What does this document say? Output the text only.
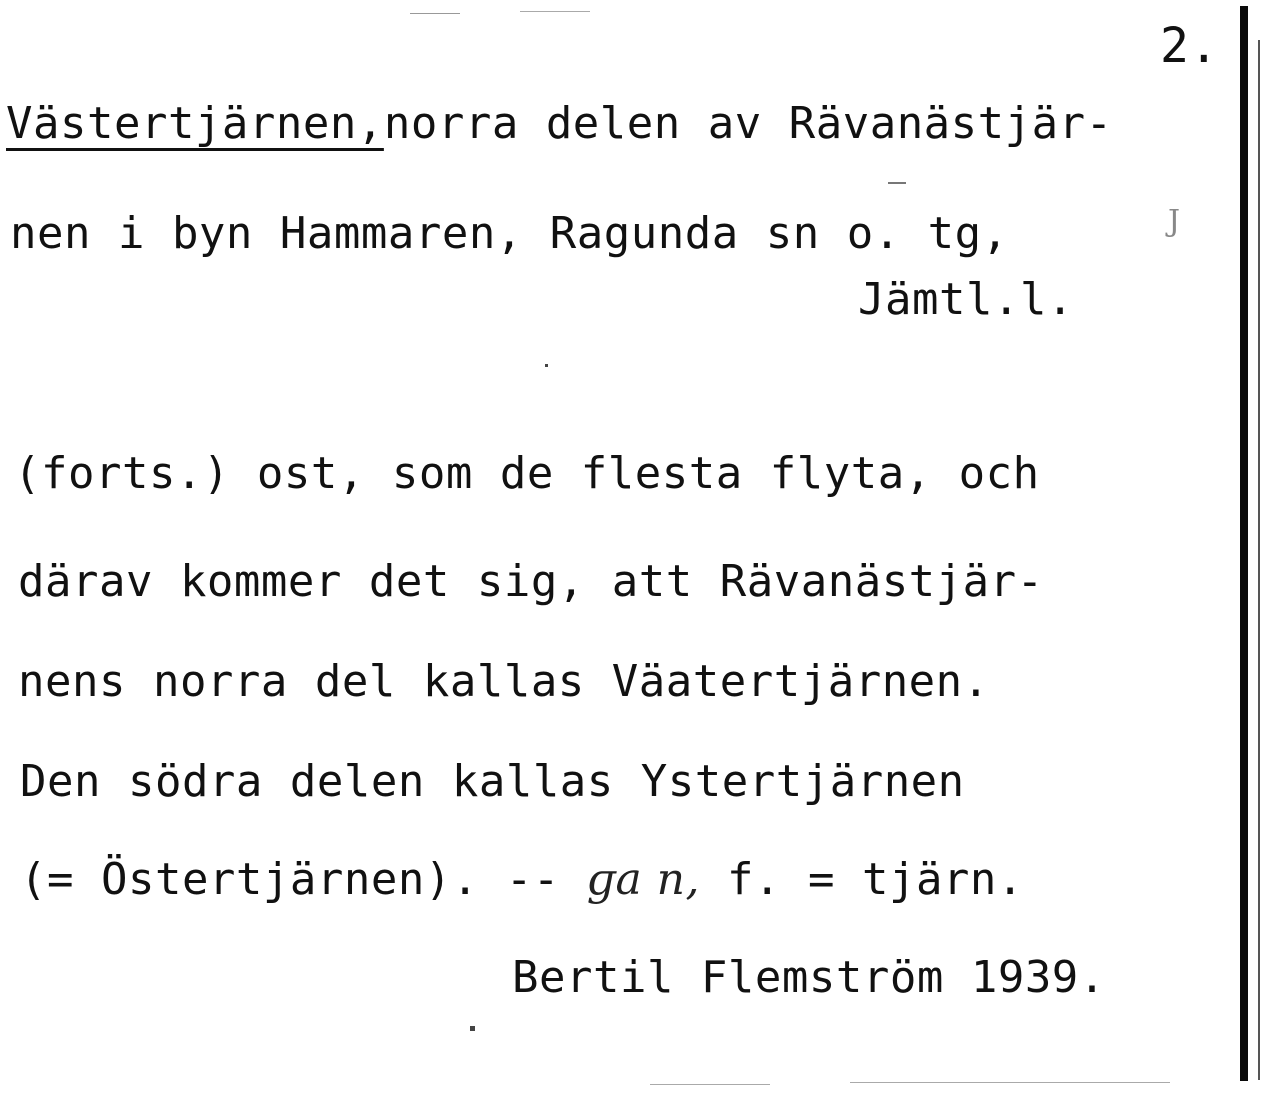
2.
Västertjärnen,norra delen av Rävanästjär-
nen i byn Hammaren, Ragunda sn o. tg,	J
Jämtl.l.
(forts.) ost, som de flesta flyta, och
därav kommer det sig, att Rävanästjär-
nens norra del kallas Väatertjärnen.
Den södra delen kallas Ystertjärnen
(= Östertjärnen). -- ɡa n, f. = tjärn.
Bertil Flemström 1939.
